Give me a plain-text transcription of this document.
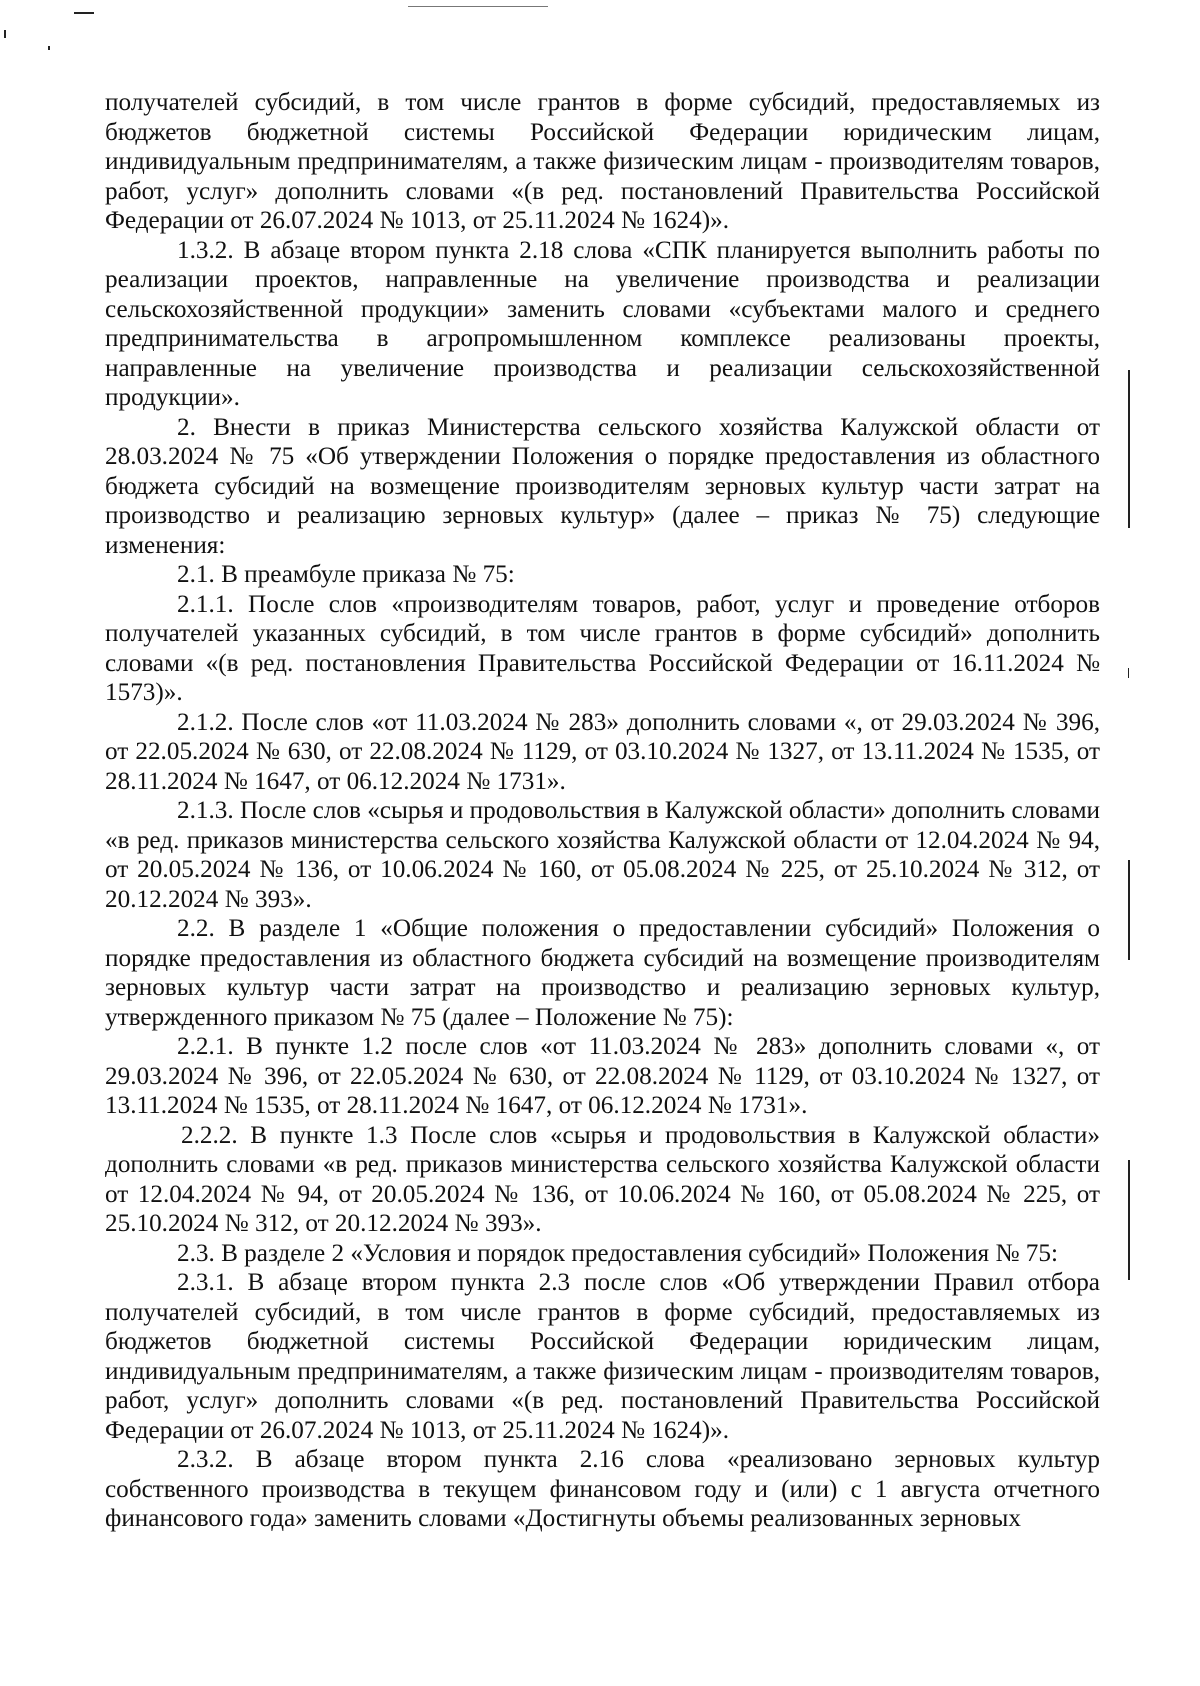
получателей субсидий, в том числе грантов в форме субсидий, предоставляемых из бюджетов бюджетной системы Российской Федерации юридическим лицам, индивидуальным предпринимателям, а также физическим лицам - производителям товаров, работ, услуг» дополнить словами «(в ред. постановлений Правительства Российской Федерации от 26.07.2024 № 1013, от 25.11.2024 № 1624)».

1.3.2. В абзаце втором пункта 2.18 слова «СПК планируется выполнить работы по реализации проектов, направленные на увеличение производства и реализации сельскохозяйственной продукции» заменить словами «субъектами малого и среднего предпринимательства в агропромышленном комплексе реализованы проекты, направленные на увеличение производства и реализации сельскохозяйственной продукции».

2. Внести в приказ Министерства сельского хозяйства Калужской области от 28.03.2024 № 75 «Об утверждении Положения о порядке предоставления из областного бюджета субсидий на возмещение производителям зерновых культур части затрат на производство и реализацию зерновых культур» (далее – приказ № 75) следующие изменения:

2.1. В преамбуле приказа № 75:

2.1.1. После слов «производителям товаров, работ, услуг и проведение отборов получателей указанных субсидий, в том числе грантов в форме субсидий» дополнить словами «(в ред. постановления Правительства Российской Федерации от 16.11.2024 № 1573)».

2.1.2. После слов «от 11.03.2024 № 283» дополнить словами «, от 29.03.2024 № 396, от 22.05.2024 № 630, от 22.08.2024 № 1129, от 03.10.2024 № 1327, от 13.11.2024 № 1535, от 28.11.2024 № 1647, от 06.12.2024 № 1731».

2.1.3. После слов «сырья и продовольствия в Калужской области» дополнить словами «в ред. приказов министерства сельского хозяйства Калужской области от 12.04.2024 № 94, от 20.05.2024 № 136, от 10.06.2024 № 160, от 05.08.2024 № 225, от 25.10.2024 № 312, от 20.12.2024 № 393».

2.2. В разделе 1 «Общие положения о предоставлении субсидий» Положения о порядке предоставления из областного бюджета субсидий на возмещение производителям зерновых культур части затрат на производство и реализацию зерновых культур, утвержденного приказом № 75 (далее – Положение № 75):

2.2.1. В пункте 1.2 после слов «от 11.03.2024 № 283» дополнить словами «, от 29.03.2024 № 396, от 22.05.2024 № 630, от 22.08.2024 № 1129, от 03.10.2024 № 1327, от 13.11.2024 № 1535, от 28.11.2024 № 1647, от 06.12.2024 № 1731».

2.2.2. В пункте 1.3 После слов «сырья и продовольствия в Калужской области» дополнить словами «в ред. приказов министерства сельского хозяйства Калужской области от 12.04.2024 № 94, от 20.05.2024 № 136, от 10.06.2024 № 160, от 05.08.2024 № 225, от 25.10.2024 № 312, от 20.12.2024 № 393».

2.3. В разделе 2 «Условия и порядок предоставления субсидий» Положения № 75:

2.3.1. В абзаце втором пункта 2.3 после слов «Об утверждении Правил отбора получателей субсидий, в том числе грантов в форме субсидий, предоставляемых из бюджетов бюджетной системы Российской Федерации юридическим лицам, индивидуальным предпринимателям, а также физическим лицам - производителям товаров, работ, услуг» дополнить словами «(в ред. постановлений Правительства Российской Федерации от 26.07.2024 № 1013, от 25.11.2024 № 1624)».

2.3.2. В абзаце втором пункта 2.16 слова «реализовано зерновых культур собственного производства в текущем финансовом году и (или) с 1 августа отчетного финансового года» заменить словами «Достигнуты объемы реализованных зерновых
